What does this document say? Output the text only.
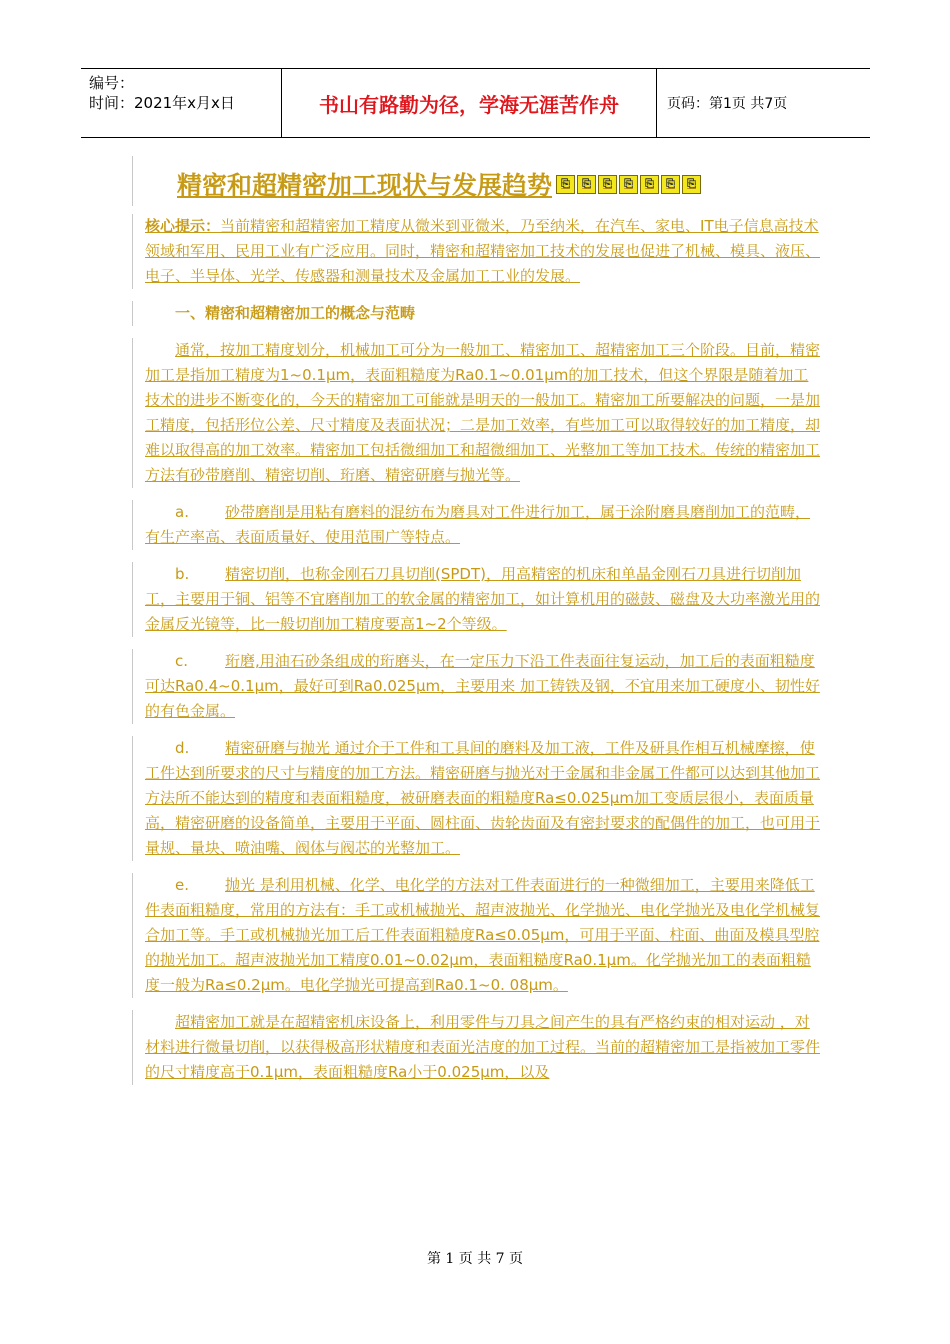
编号：
时间：2021年x月x日	书山有路勤为径，学海无涯苦作舟	页码：第1页 共7页
精密和超精密加工现状与发展趋势 ⎘	⎘	⎘	⎘	⎘	⎘	⎘

核心提示：当前精密和超精密加工精度从微米到亚微米，乃至纳米，在汽车、家电、IT电子信息高技术领域和军用、民用工业有广泛应用。同时，精密和超精密加工技术的发展也促进了机械、模具、液压、电子、半导体、光学、传感器和测量技术及金属加工工业的发展。

一、精密和超精密加工的概念与范畴

通常，按加工精度划分，机械加工可分为一般加工、精密加工、超精密加工三个阶段。目前，精密加工是指加工精度为1~0.1μm，表面粗糙度为Ra0.1~0.01μm的加工技术，但这个界限是随着加工技术的进步不断变化的，今天的精密加工可能就是明天的一般加工。精密加工所要解决的问题，一是加工精度，包括形位公差、尺寸精度及表面状况；二是加工效率，有些加工可以取得较好的加工精度，却难以取得高的加工效率。精密加工包括微细加工和超微细加工、光整加工等加工技术。传统的精密加工方法有砂带磨削、精密切削、珩磨、精密研磨与抛光等。

a. 砂带磨削是用粘有磨料的混纺布为磨具对工件进行加工，属于涂附磨具磨削加工的范畴，有生产率高、表面质量好、使用范围广等特点。

b. 精密切削，也称金刚石刀具切削(SPDT)，用高精密的机床和单晶金刚石刀具进行切削加工，主要用于铜、铝等不宜磨削加工的软金属的精密加工，如计算机用的磁鼓、磁盘及大功率激光用的金属反光镜等，比一般切削加工精度要高1~2个等级。

c. 珩磨,用油石砂条组成的珩磨头，在一定压力下沿工件表面往复运动，加工后的表面粗糙度可达Ra0.4~0.1μm，最好可到Ra0.025μm，主要用来 加工铸铁及钢，不宜用来加工硬度小、韧性好的有色金属。

d. 精密研磨与抛光 通过介于工件和工具间的磨料及加工液，工件及研具作相互机械摩擦，使工件达到所要求的尺寸与精度的加工方法。精密研磨与抛光对于金属和非金属工件都可以达到其他加工方法所不能达到的精度和表面粗糙度，被研磨表面的粗糙度Ra≤0.025μm加工变质层很小，表面质量高，精密研磨的设备简单，主要用于平面、圆柱面、齿轮齿面及有密封要求的配偶件的加工，也可用于量规、量块、喷油嘴、阀体与阀芯的光整加工。

e. 抛光 是利用机械、化学、电化学的方法对工件表面进行的一种微细加工，主要用来降低工件表面粗糙度，常用的方法有：手工或机械抛光、超声波抛光、化学抛光、电化学抛光及电化学机械复合加工等。手工或机械抛光加工后工件表面粗糙度Ra≤0.05μm，可用于平面、柱面、曲面及模具型腔的抛光加工。超声波抛光加工精度0.01~0.02μm，表面粗糙度Ra0.1μm。化学抛光加工的表面粗糙度一般为Ra≤0.2μm。电化学抛光可提高到Ra0.1~0. 08μm。

超精密加工就是在超精密机床设备上，利用零件与刀具之间产生的具有严格约束的相对运动 ，对材料进行微量切削，以获得极高形状精度和表面光洁度的加工过程。当前的超精密加工是指被加工零件的尺寸精度高于0.1μm，表面粗糙度Ra小于0.025μm，以及

第 1 页 共 7 页
